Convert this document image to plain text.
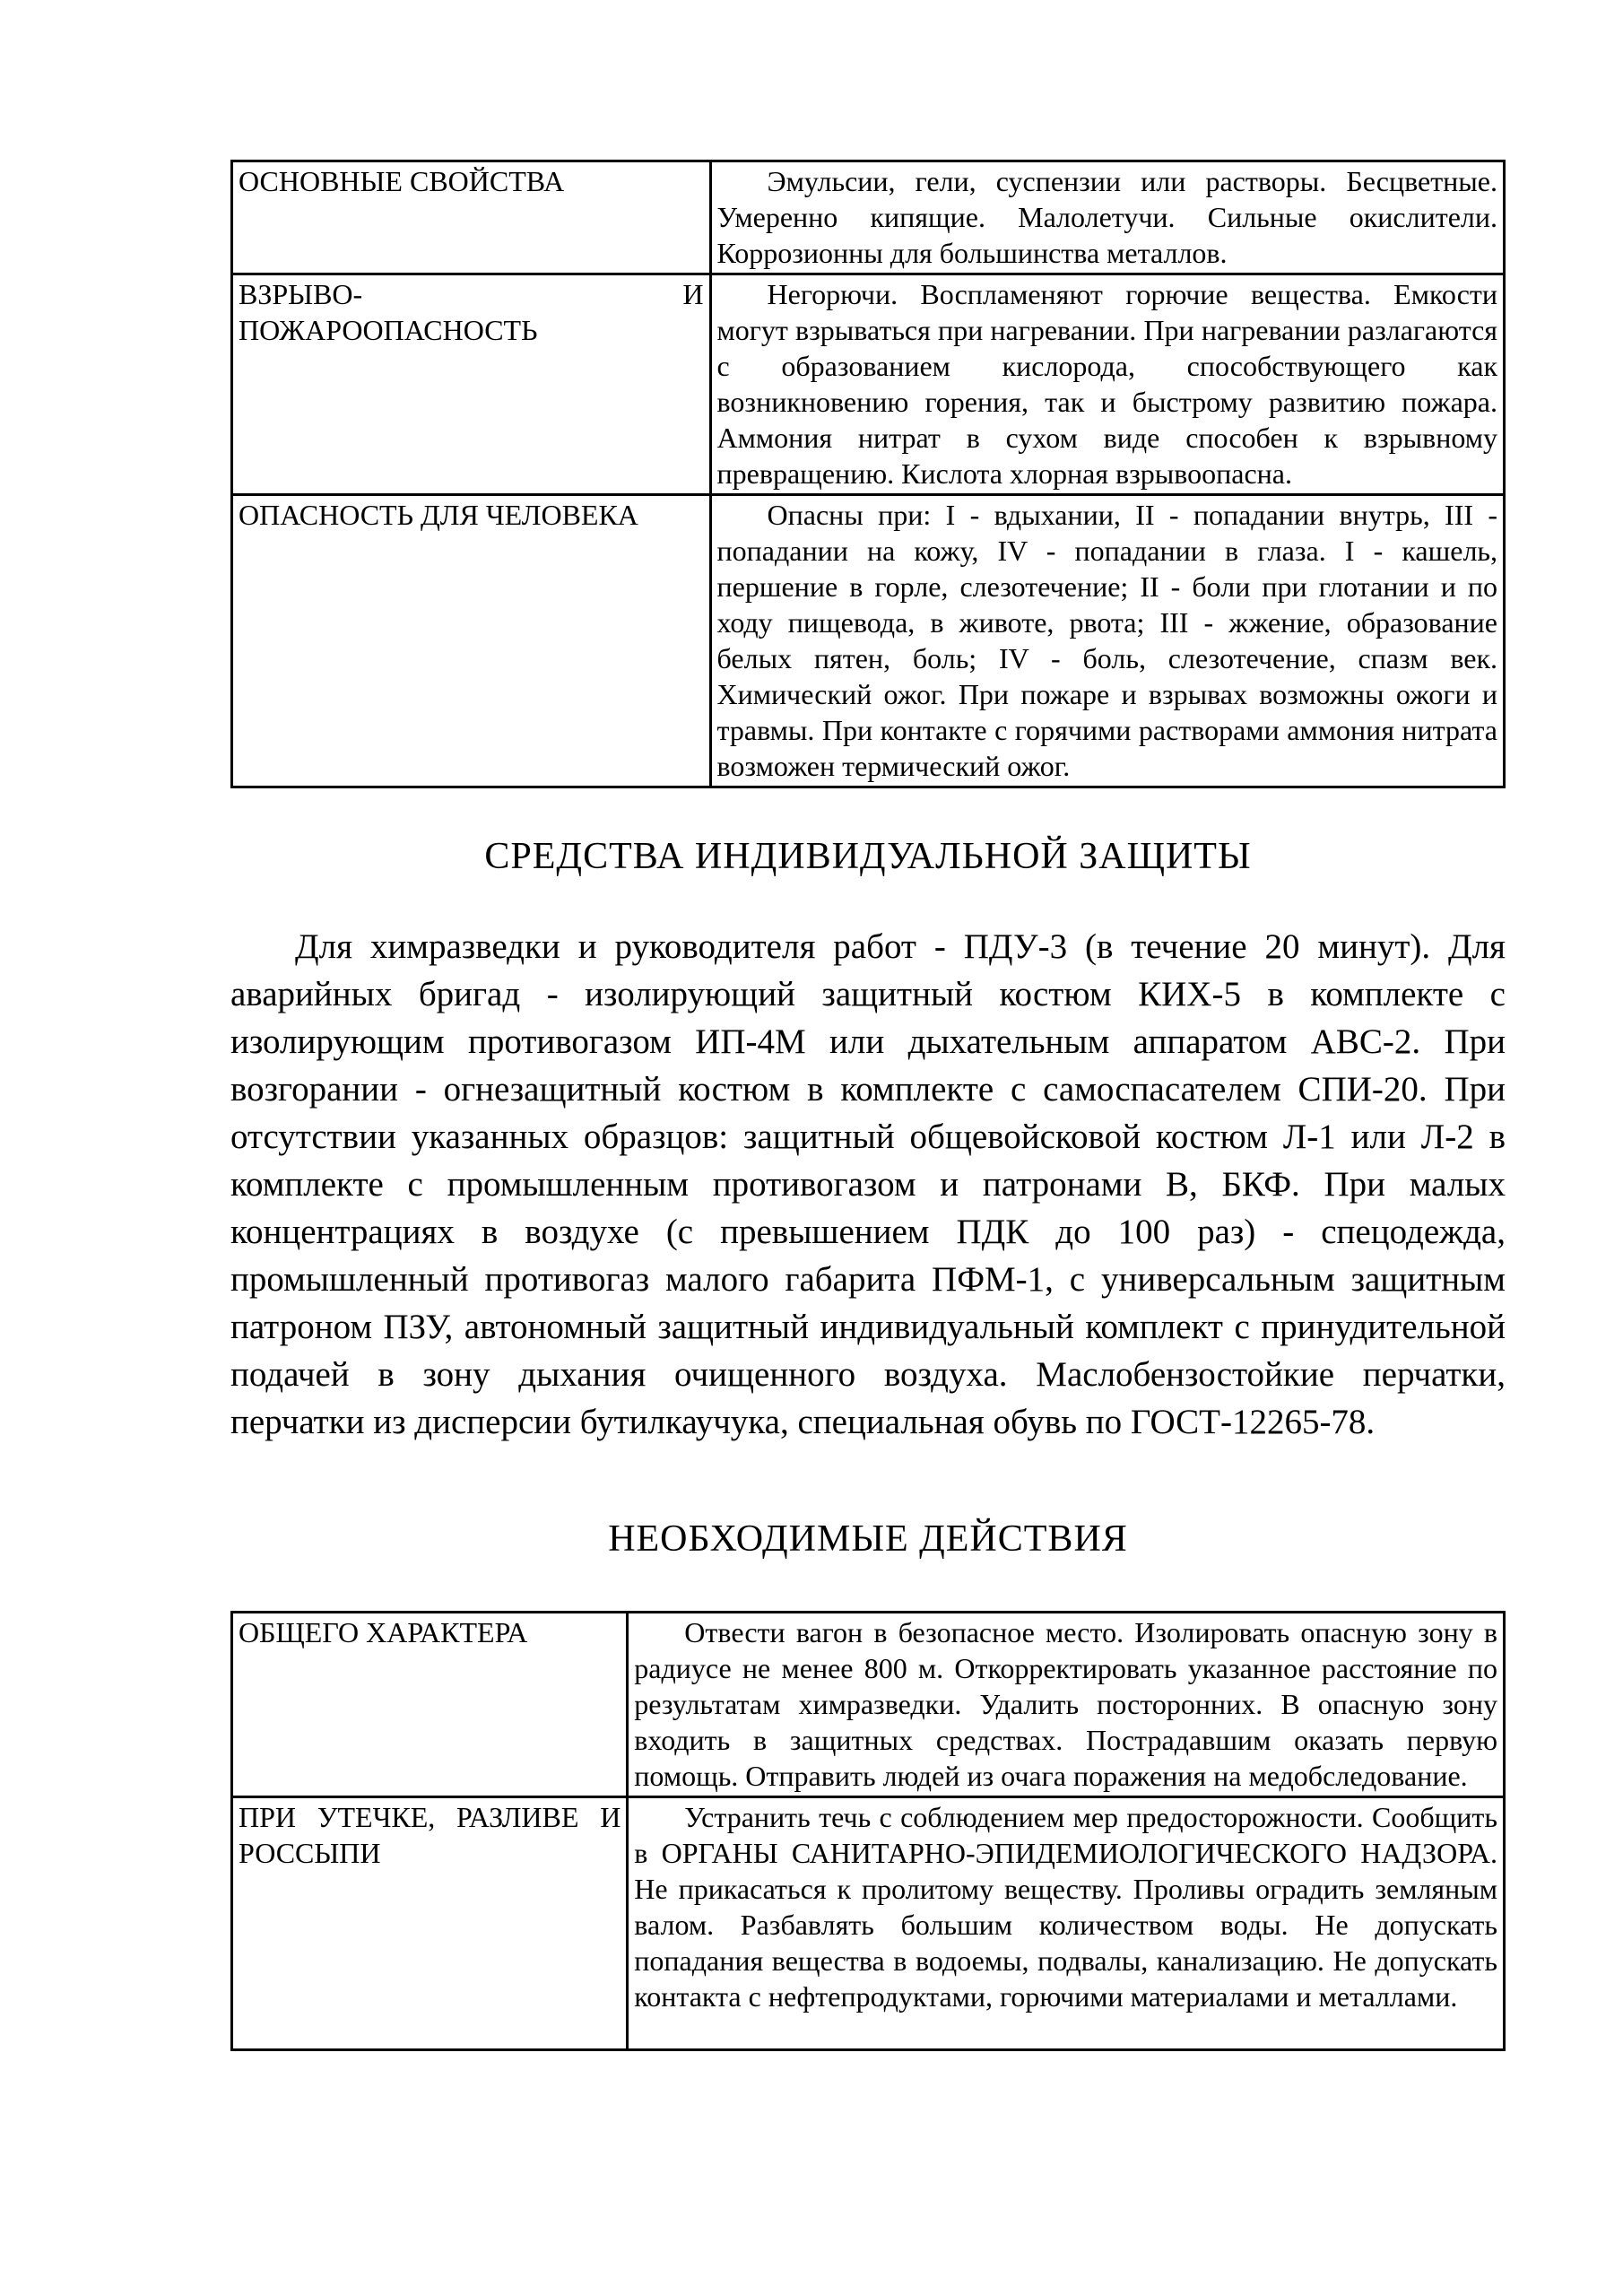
ОСНОВНЫЕ СВОЙСТВА	Эмульсии, гели, суспензии или растворы. Бесцветные. Умеренно кипящие. Малолетучи. Сильные окислители. Коррозионны для большинства металлов.

ВЗРЫВО- И
ПОЖАРООПАСНОСТЬ	Негорючи. Воспламеняют горючие вещества. Емкости могут взрываться при нагревании. При нагревании разлагаются с образованием кислорода, способствующего как возникновению горения, так и быстрому развитию пожара. Аммония нитрат в сухом виде способен к взрывному превращению. Кислота хлорная взрывоопасна.

ОПАСНОСТЬ ДЛЯ ЧЕЛОВЕКА	Опасны при: I - вдыхании, II - попадании внутрь, III - попадании на кожу, IV - попадании в глаза. I - кашель, першение в горле, слезотечение; II - боли при глотании и по ходу пищевода, в животе, рвота; III - жжение, образование белых пятен, боль; IV - боль, слезотечение, спазм век. Химический ожог. При пожаре и взрывах возможны ожоги и травмы. При контакте с горячими растворами аммония нитрата возможен термический ожог.

СРЕДСТВА ИНДИВИДУАЛЬНОЙ ЗАЩИТЫ

Для химразведки и руководителя работ - ПДУ-3 (в течение 20 минут). Для аварийных бригад - изолирующий защитный костюм КИХ-5 в комплекте с изолирующим противогазом ИП-4М или дыхательным аппаратом АВС-2. При возгорании - огнезащитный костюм в комплекте с самоспасателем СПИ-20. При отсутствии указанных образцов: защитный общевойсковой костюм Л-1 или Л-2 в комплекте с промышленным противогазом и патронами В, БКФ. При малых концентрациях в воздухе (с превышением ПДК до 100 раз) - спецодежда, промышленный противогаз малого габарита ПФМ-1, с универсальным защитным патроном ПЗУ, автономный защитный индивидуальный комплект с принудительной подачей в зону дыхания очищенного воздуха. Маслобензостойкие перчатки, перчатки из дисперсии бутилкаучука, специальная обувь по ГОСТ-12265-78.

НЕОБХОДИМЫЕ ДЕЙСТВИЯ
ОБЩЕГО ХАРАКТЕРА	Отвести вагон в безопасное место. Изолировать опасную зону в радиусе не менее 800 м. Откорректировать указанное расстояние по результатам химразведки. Удалить посторонних. В опасную зону входить в защитных средствах. Пострадавшим оказать первую помощь. Отправить людей из очага поражения на медобследование.

ПРИ УТЕЧКЕ, РАЗЛИВЕ И
РОССЫПИ	Устранить течь с соблюдением мер предосторожности. Сообщить в ОРГАНЫ САНИТАРНО-ЭПИДЕМИОЛОГИЧЕСКОГО НАДЗОРА. Не прикасаться к пролитому веществу. Проливы оградить земляным валом. Разбавлять большим количеством воды. Не допускать попадания вещества в водоемы, подвалы, канализацию. Не допускать контакта с нефтепродуктами, горючими материалами и металлами.
